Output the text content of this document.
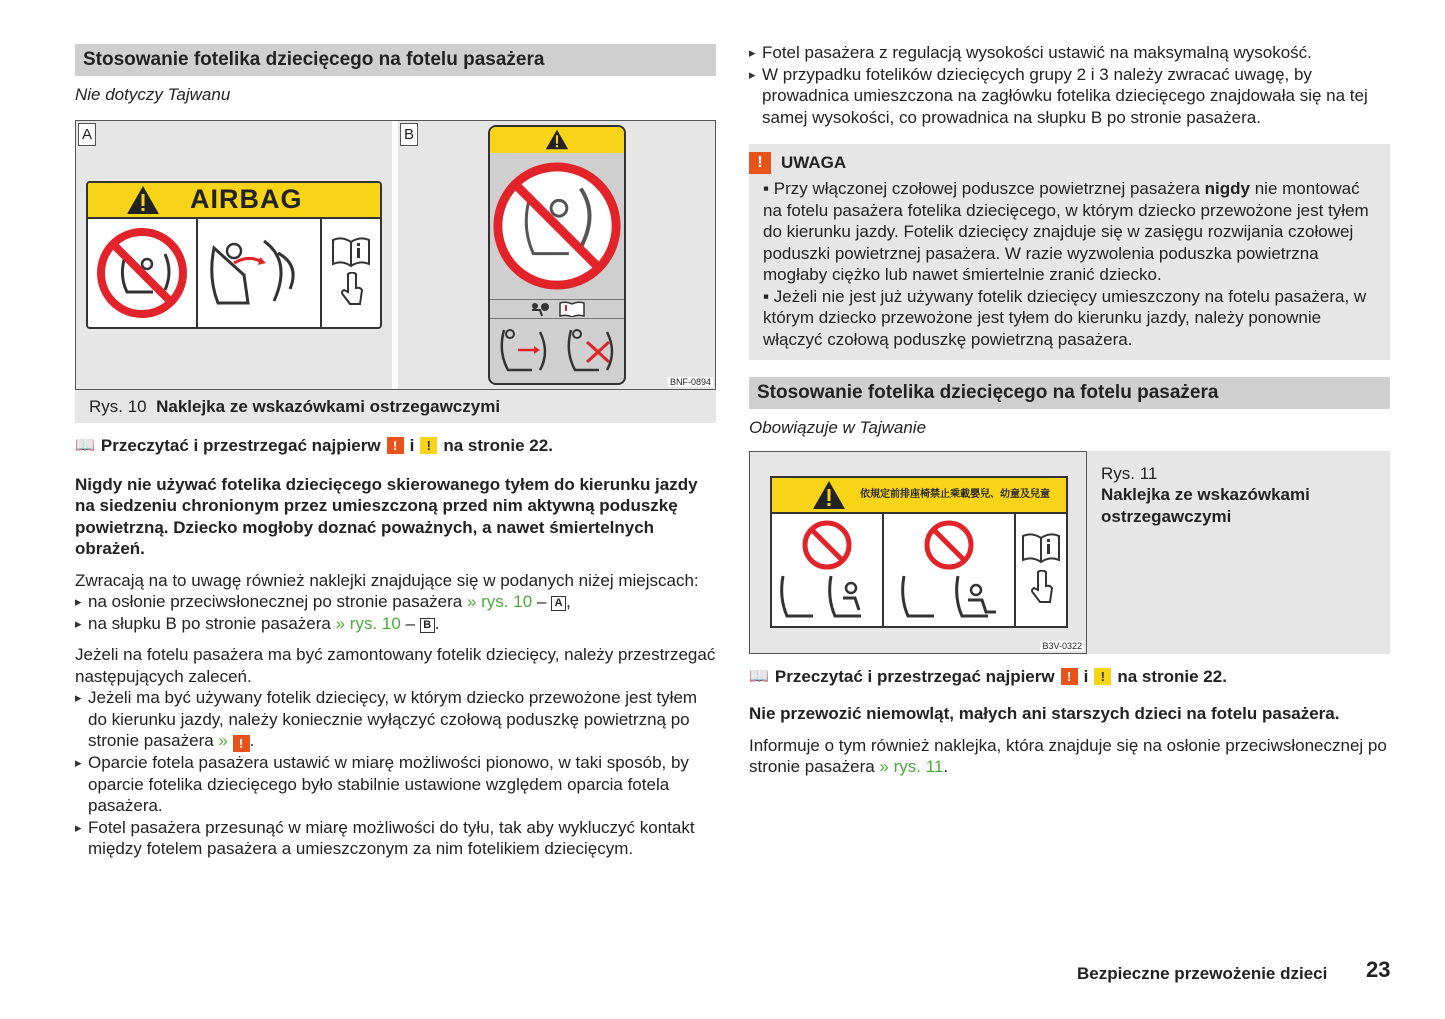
Stosowanie fotelika dziecięcego na fotelu pasażera
Nie dotyczy Tajwanu
A
AIRBAG
B
BNF-0894
Rys. 10 Naklejka ze wskazówkami ostrzegawczymi
📖 Przeczytać i przestrzegać najpierw ! i ! na stronie 22.

Nigdy nie używać fotelika dziecięcego skierowanego tyłem do kierunku jazdy na siedzeniu chronionym przez umieszczoną przed nim aktywną poduszkę powietrzną. Dziecko mogłoby doznać poważnych, a nawet śmiertelnych obrażeń.

Zwracają na to uwagę również naklejki znajdujące się w podanych niżej miejscach:

▸ na osłonie przeciwsłonecznej po stronie pasażera » rys. 10 – A ,
▸ na słupku B po stronie pasażera » rys. 10 – B .

Jeżeli na fotelu pasażera ma być zamontowany fotelik dziecięcy, należy przestrzegać następujących zaleceń.

▸ Jeżeli ma być używany fotelik dziecięcy, w którym dziecko przewożone jest tyłem do kierunku jazdy, należy koniecznie wyłączyć czołową poduszkę powietrzną po stronie pasażera » ! .
▸ Oparcie fotela pasażera ustawić w miarę możliwości pionowo, w taki sposób, by oparcie fotelika dziecięcego było stabilnie ustawione względem oparcia fotela pasażera.
▸ Fotel pasażera przesunąć w miarę możliwości do tyłu, tak aby wykluczyć kontakt między fotelem pasażera a umieszczonym za nim fotelikiem dziecięcym.
▸ Fotel pasażera z regulacją wysokości ustawić na maksymalną wysokość.
▸ W przypadku fotelików dziecięcych grupy 2 i 3 należy zwracać uwagę, by prowadnica umieszczona na zagłówku fotelika dziecięcego znajdowała się na tej samej wysokości, co prowadnica na słupku B po stronie pasażera.
!	UWAGA

▪ Przy włączonej czołowej poduszce powietrznej pasażera nigdy nie montować na fotelu pasażera fotelika dziecięcego, w którym dziecko przewożone jest tyłem do kierunku jazdy. Fotelik dziecięcy znajduje się w zasięgu rozwijania czołowej poduszki powietrznej pasażera. W razie wyzwolenia poduszka powietrzna mogłaby ciężko lub nawet śmiertelnie zranić dziecko.
▪ Jeżeli nie jest już używany fotelik dziecięcy umieszczony na fotelu pasażera, w którym dziecko przewożone jest tyłem do kierunku jazdy, należy ponownie włączyć czołową poduszkę powietrzną pasażera.

Stosowanie fotelika dziecięcego na fotelu pasażera
Obowiązuje w Tajwanie
依規定前排座椅禁止乘載嬰兒、幼童及兒童
B3V-0322
Rys. 11
Naklejka ze wskazówkami ostrzegawczymi
📖 Przeczytać i przestrzegać najpierw ! i ! na stronie 22.

Nie przewozić niemowląt, małych ani starszych dzieci na fotelu pasażera.

Informuje o tym również naklejka, która znajduje się na osłonie przeciwsłonecznej po stronie pasażera » rys. 11.

Bezpieczne przewożenie dzieci 23
